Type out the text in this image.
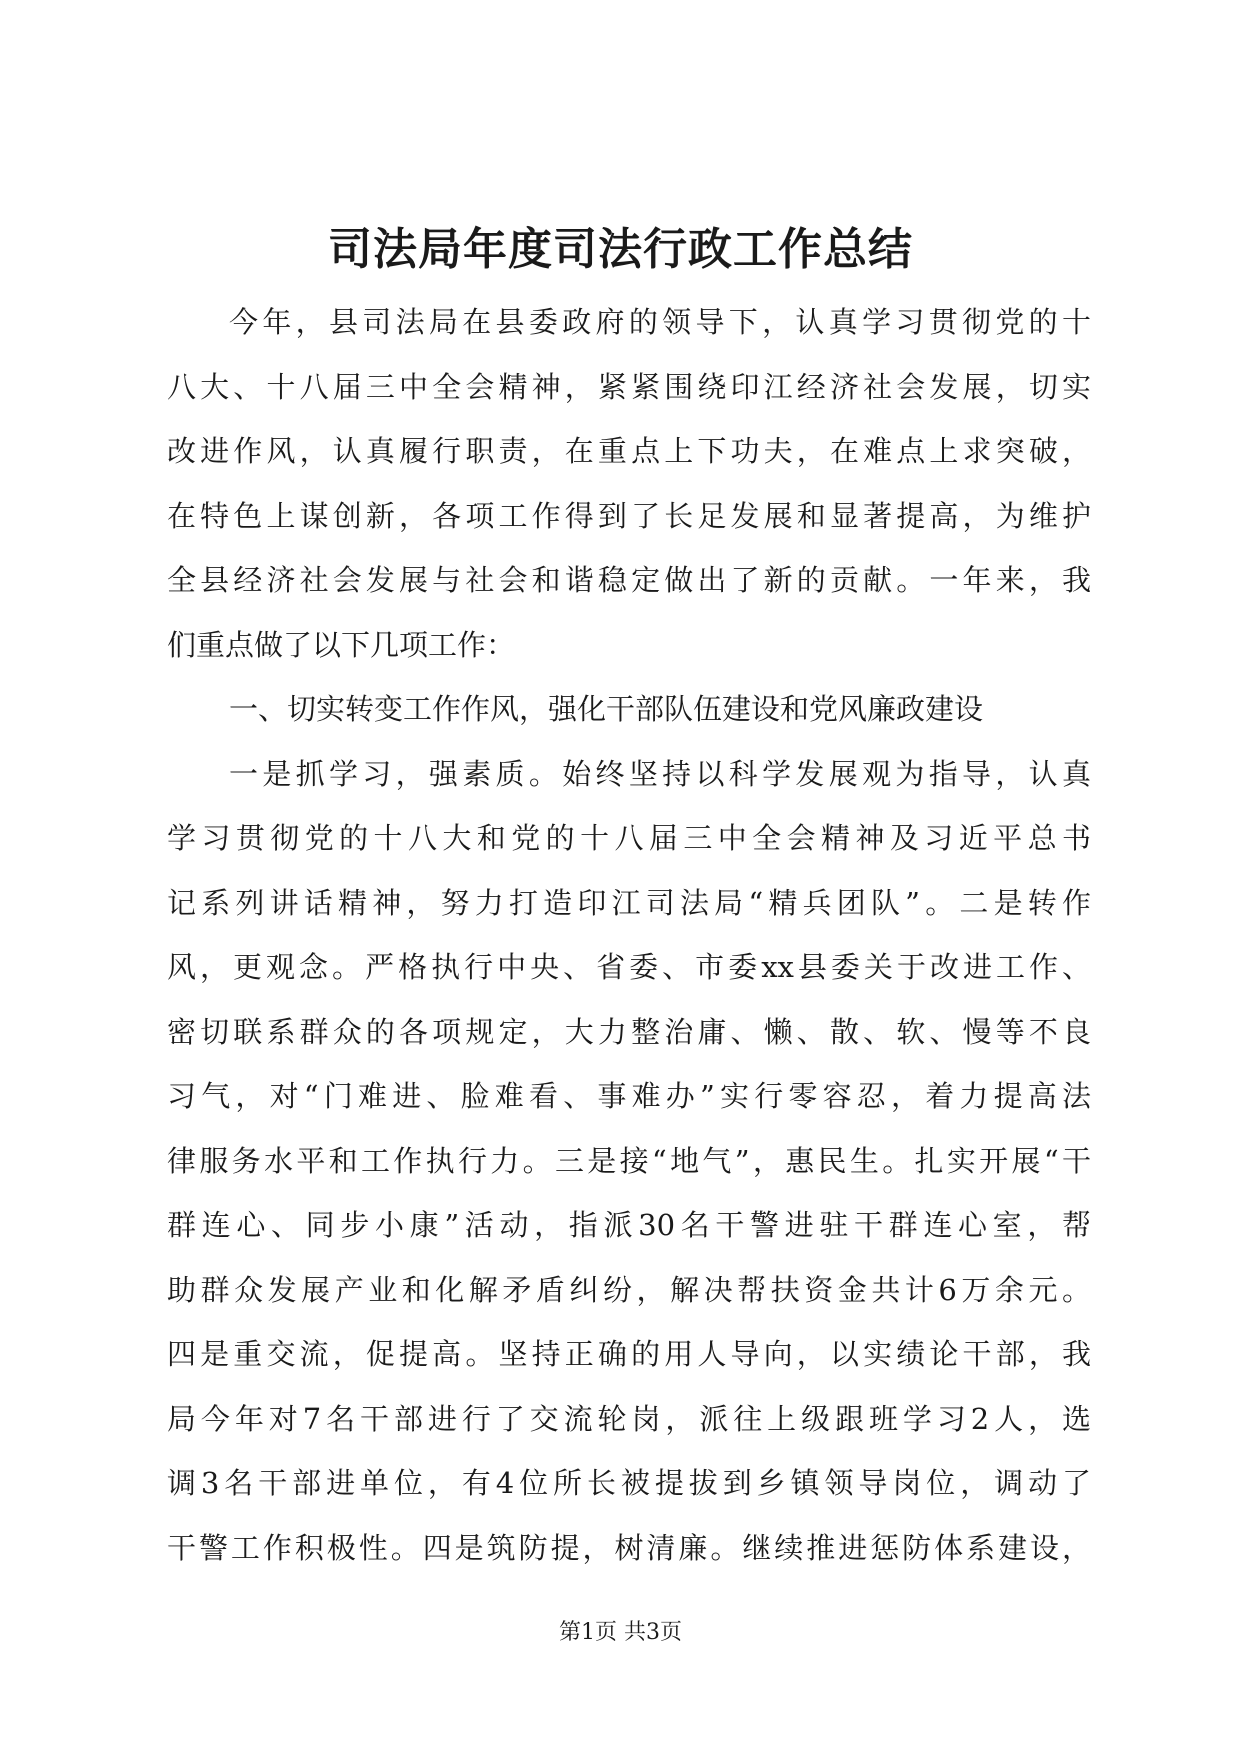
司法局年度司法行政工作总结
今年，县司法局在县委政府的领导下，认真学习贯彻党的十
八大、十八届三中全会精神，紧紧围绕印江经济社会发展，切实
改进作风，认真履行职责，在重点上下功夫，在难点上求突破，
在特色上谋创新，各项工作得到了长足发展和显著提高，为维护
全县经济社会发展与社会和谐稳定做出了新的贡献。一年来，我
们重点做了以下几项工作：
一、切实转变工作作风，强化干部队伍建设和党风廉政建设
一是抓学习，强素质。始终坚持以科学发展观为指导，认真
学习贯彻党的十八大和党的十八届三中全会精神及习近平总书
记系列讲话精神，努力打造印江司法局“精兵团队”。二是转作
风，更观念。严格执行中央、省委、市委xx县委关于改进工作、
密切联系群众的各项规定，大力整治庸、懒、散、软、慢等不良
习气，对“门难进、脸难看、事难办”实行零容忍，着力提高法
律服务水平和工作执行力。三是接“地气”，惠民生。扎实开展“干
群连心、同步小康”活动，指派30名干警进驻干群连心室，帮
助群众发展产业和化解矛盾纠纷，解决帮扶资金共计6万余元。
四是重交流，促提高。坚持正确的用人导向，以实绩论干部，我
局今年对7名干部进行了交流轮岗，派往上级跟班学习2人，选
调3名干部进单位，有4位所长被提拔到乡镇领导岗位，调动了
干警工作积极性。四是筑防提，树清廉。继续推进惩防体系建设，
第1页 共3页
